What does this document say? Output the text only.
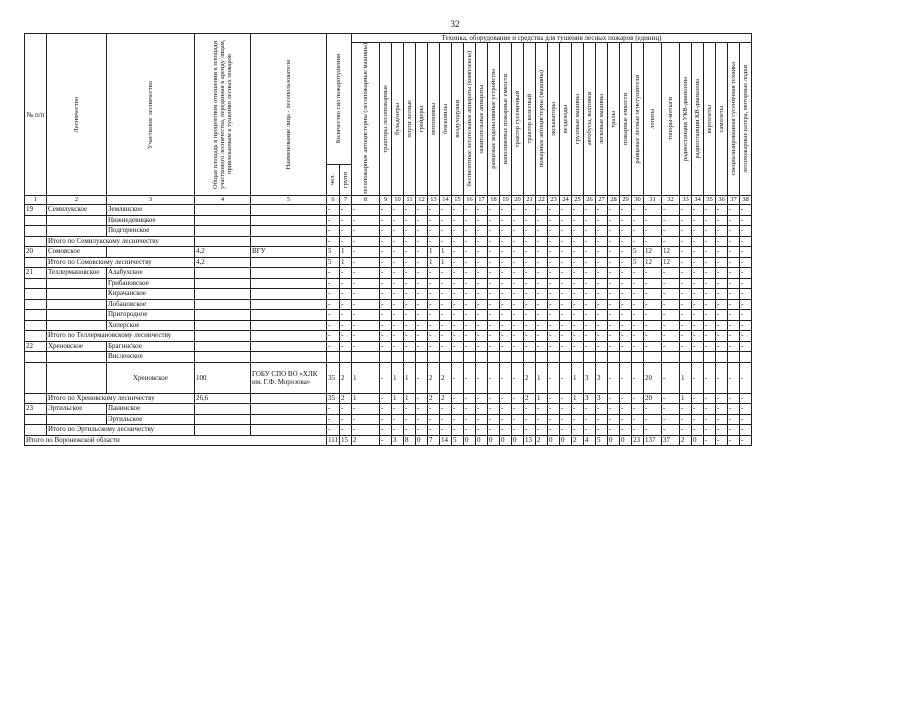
32
№ п/п	Лесничество	Участковое лесничество	Общая площадь в процентном отношении к площади участкового лесничества, переданная в аренду лицам, привлекаемым к тушению лесных пожаров	Наименование лица - лесопользователя	Количество сил пожаротушения		Техника, оборудование и средства для тушения лесных пожаров (единиц)																														

							лесопожарные автоцистерны (лесопожарные машины)	тракторы лесопожарные	бульдозеры	плуги лесные	грейдеры	мотопомпы	бензопилы	воздуходувки	беспилотные летательные аппараты (комплексы)	зажигательные аппараты	ранцевые водоналивные устройства	наполняемые пожарные емкости	трактор гусеничный	трактор колесный	пожарные автоцистерны (машины)	экскаваторы	вездеходы	грузовые машины	автобусы, вахтовки	легковые машины	тралы	пожарные емкости	ранцевые лесные огнетушители	лопаты	топоры-мотыги	радиостанции УКВ-диапазона	радиостанции КВ-диапазона	вертолеты	самолеты	специализированная гусеничная техника	лесопожарные катера, моторные лодки

					чел.	групп																															

1	2	3	4	5	6	7	8	9	10	11	12	13	14	15	16	17	18	19	20	21	22	23	24	25	26	27	28	29	30	31	32	33	34	35	36	37	38
19	Семилукское	Землянское			-	-	-	-	-	-	-	-	-	-	-	-	-	-	-	-	-	-	-	-	-	-	-	-	-	-	-	-	-	-	-	-	-
		Нижнедевицкое			-	-	-	-	-	-	-	-	-	-	-	-	-	-	-	-	-	-	-	-	-	-	-	-	-	-	-	-	-	-	-	-	-
		Подгоренское			-	-	-	-	-	-	-	-	-	-	-	-	-	-	-	-	-	-	-	-	-	-	-	-	-	-	-	-	-	-	-	-	-
	Итого по Семилукскому лесничеству				-	-	-	-	-	-	-	-	-	-	-	-	-	-	-	-	-	-	-	-	-	-	-	-	-	-	-	-	-	-	-	-	-
20	Сомовское		4,2	ВГУ	5	1	-	-	-	-	-	1	1	-	-	-	-	-	-	-	-	-	-	-	-	-	-	-	5	12	12	-	-	-	-	-	-
	Итого по Сомовскому лесничеству		4,2		5	1	-	-	-	-	-	1	1	-	-	-	-	-	-	-	-	-	-	-	-	-	-	-	5	12	12	-	-	-	-	-	-
21	Теллермановское	Алабухское			-	-	-	-	-	-	-	-	-	-	-	-	-	-	-	-	-	-	-	-	-	-	-	-	-	-	-	-	-	-	-	-	-
		Грибановское			-	-	-	-	-	-	-	-	-	-	-	-	-	-	-	-	-	-	-	-	-	-	-	-	-	-	-	-	-	-	-	-	-
		Кирачанское			-	-	-	-	-	-	-	-	-	-	-	-	-	-	-	-	-	-	-	-	-	-	-	-	-	-	-	-	-	-	-	-	-
		Лобановское			-	-	-	-	-	-	-	-	-	-	-	-	-	-	-	-	-	-	-	-	-	-	-	-	-	-	-	-	-	-	-	-	-
		Пригородное			-	-	-	-	-	-	-	-	-	-	-	-	-	-	-	-	-	-	-	-	-	-	-	-	-	-	-	-	-	-	-	-	-
		Хоперское			-	-	-	-	-	-	-	-	-	-	-	-	-	-	-	-	-	-	-	-	-	-	-	-	-	-	-	-	-	-	-	-	-
	Итого по Теллермановскому лесничеству				-	-	-	-	-	-	-	-	-	-	-	-	-	-	-	-	-	-	-	-	-	-	-	-	-	-	-	-	-	-	-	-	-
22	Хреновское	Брагинское			-	-	-	-	-	-	-	-	-	-	-	-	-	-	-	-	-	-	-	-	-	-	-	-	-	-	-	-	-	-	-	-	-
		Висленское																																			
		Хреновское	100	ГОБУ СПО ВО «ХЛК им. Г.Ф. Морозова»	35	2	1	-	1	1	-	2	2	-	-	-	-	-	-	2	1	-	-	1	3	3	-	-	-	20	-	1	-	-	-	-	-
	Итого по Хреновскому лесничеству		26,6		35	2	1	-	1	1	-	2	2	-	-	-	-	-	-	2	1	-	-	1	3	3	-	-	-	20	-	1	-	-	-	-	-
23	Эртильское	Панинское			-	-	-	-	-	-	-	-	-	-	-	-	-	-	-	-	-	-	-	-	-	-	-	-	-	-	-	-	-	-	-	-	-
		Эртильское			-	-	-	-	-	-	-	-	-	-	-	-	-	-	-	-	-	-	-	-	-	-	-	-	-	-	-	-	-	-	-	-	-
	Итого по Эртильскому лесничеству				-	-	-	-	-	-	-	-	-	-	-	-	-	-	-	-	-	-	-	-	-	-	-	-	-	-	-	-	-	-	-	-	-
Итого по Воронежской области					111	15	2	-	3	8	0	7	14	5	0	0	0	0	0	13	2	0	0	2	4	5	0	0	23	137	37	2	0	-	-	-	-
